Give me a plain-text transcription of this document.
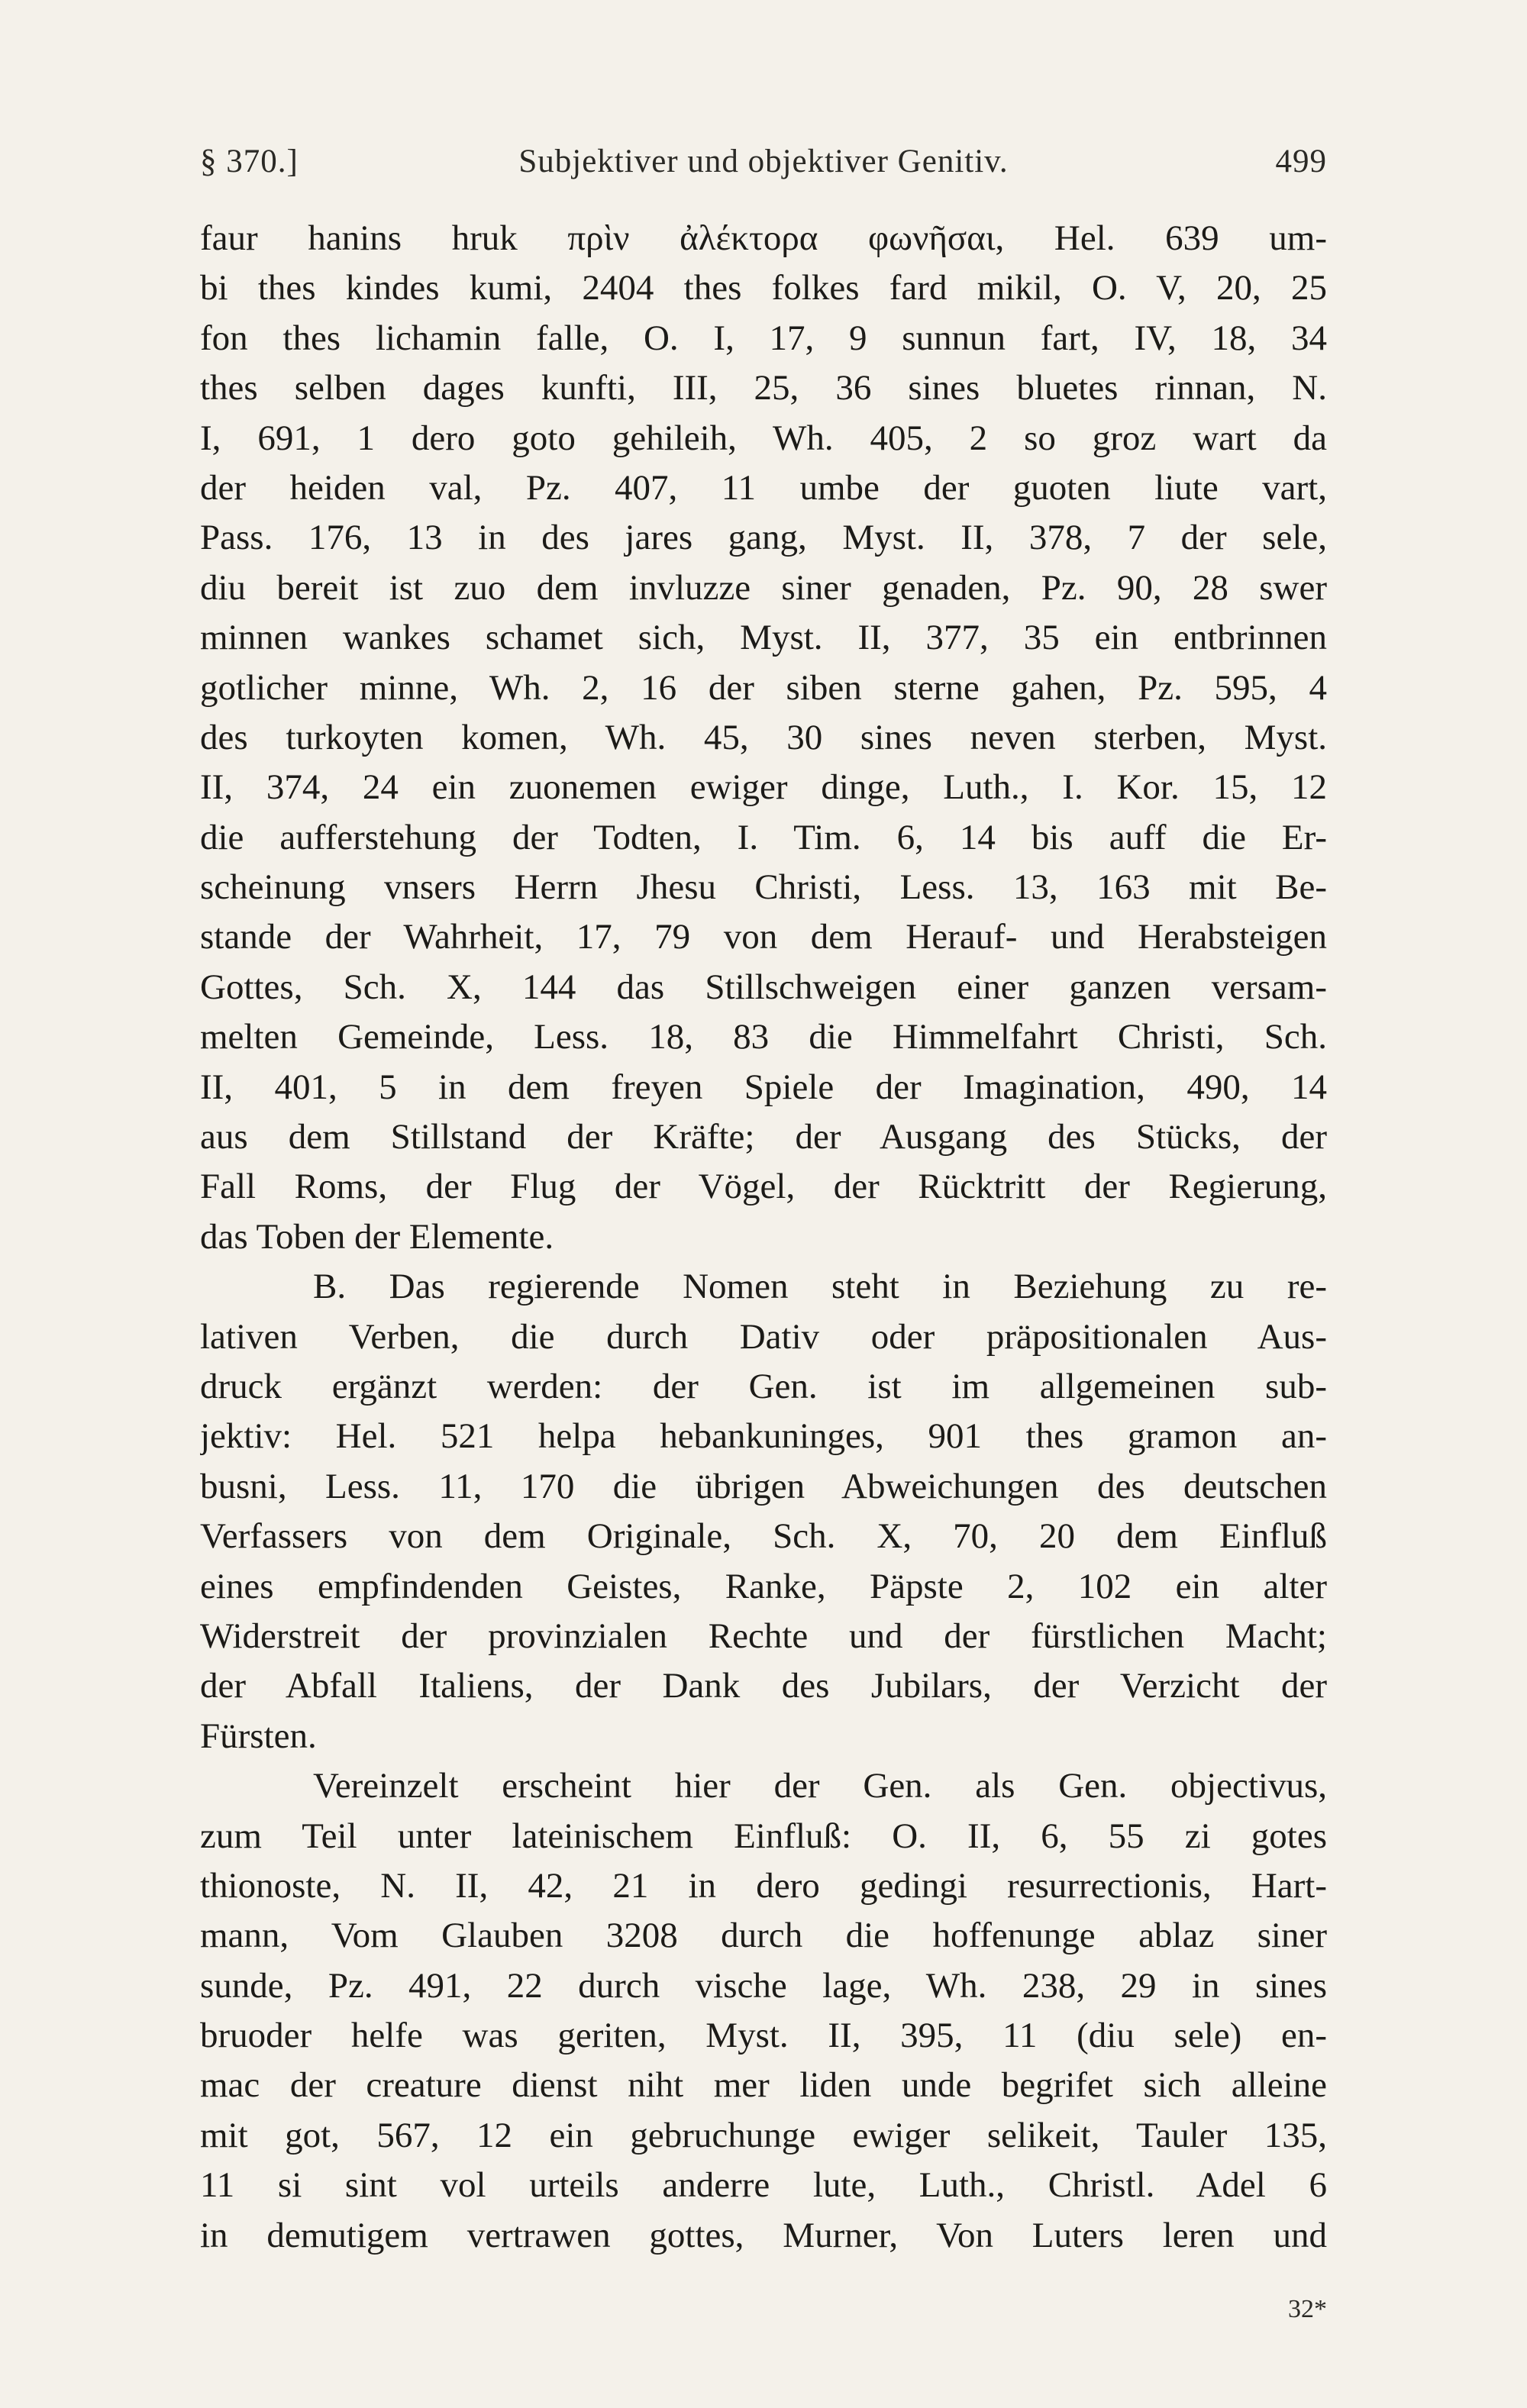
§ 370.]	Subjektiver und objektiver Genitiv.	499

faur hanins hruk πρὶν ἀλέκτορα φωνῆσαι, Hel. 639 um-

bi thes kindes kumi, 2404 thes folkes fard mikil, O. V, 20, 25

fon thes lichamin falle, O. I, 17, 9 sunnun fart, IV, 18, 34

thes selben dages kunfti, III, 25, 36 sines bluetes rinnan, N.

I, 691, 1 dero goto gehileih, Wh. 405, 2 so groz wart da

der heiden val, Pz. 407, 11 umbe der guoten liute vart,

Pass. 176, 13 in des jares gang, Myst. II, 378, 7 der sele,

diu bereit ist zuo dem invluzze siner genaden, Pz. 90, 28 swer

minnen wankes schamet sich, Myst. II, 377, 35 ein entbrinnen

gotlicher minne, Wh. 2, 16 der siben sterne gahen, Pz. 595, 4

des turkoyten komen, Wh. 45, 30 sines neven sterben, Myst.

II, 374, 24 ein zuonemen ewiger dinge, Luth., I. Kor. 15, 12

die aufferstehung der Todten, I. Tim. 6, 14 bis auff die Er-

scheinung vnsers Herrn Jhesu Christi, Less. 13, 163 mit Be-

stande der Wahrheit, 17, 79 von dem Herauf- und Herabsteigen

Gottes, Sch. X, 144 das Stillschweigen einer ganzen versam-

melten Gemeinde, Less. 18, 83 die Himmelfahrt Christi, Sch.

II, 401, 5 in dem freyen Spiele der Imagination, 490, 14

aus dem Stillstand der Kräfte; der Ausgang des Stücks, der

Fall Roms, der Flug der Vögel, der Rücktritt der Regierung,

das Toben der Elemente.

B. Das regierende Nomen steht in Beziehung zu re-

lativen Verben, die durch Dativ oder präpositionalen Aus-

druck ergänzt werden: der Gen. ist im allgemeinen sub-

jektiv: Hel. 521 helpa hebankuninges, 901 thes gramon an-

busni, Less. 11, 170 die übrigen Abweichungen des deutschen

Verfassers von dem Originale, Sch. X, 70, 20 dem Einfluß

eines empfindenden Geistes, Ranke, Päpste 2, 102 ein alter

Widerstreit der provinzialen Rechte und der fürstlichen Macht;

der Abfall Italiens, der Dank des Jubilars, der Verzicht der

Fürsten.

Vereinzelt erscheint hier der Gen. als Gen. objectivus,

zum Teil unter lateinischem Einfluß: O. II, 6, 55 zi gotes

thionoste, N. II, 42, 21 in dero gedingi resurrectionis, Hart-

mann, Vom Glauben 3208 durch die hoffenunge ablaz siner

sunde, Pz. 491, 22 durch vische lage, Wh. 238, 29 in sines

bruoder helfe was geriten, Myst. II, 395, 11 (diu sele) en-

mac der creature dienst niht mer liden unde begrifet sich alleine

mit got, 567, 12 ein gebruchunge ewiger selikeit, Tauler 135,

11 si sint vol urteils anderre lute, Luth., Christl. Adel 6

in demutigem vertrawen gottes, Murner, Von Luters leren und

32*
